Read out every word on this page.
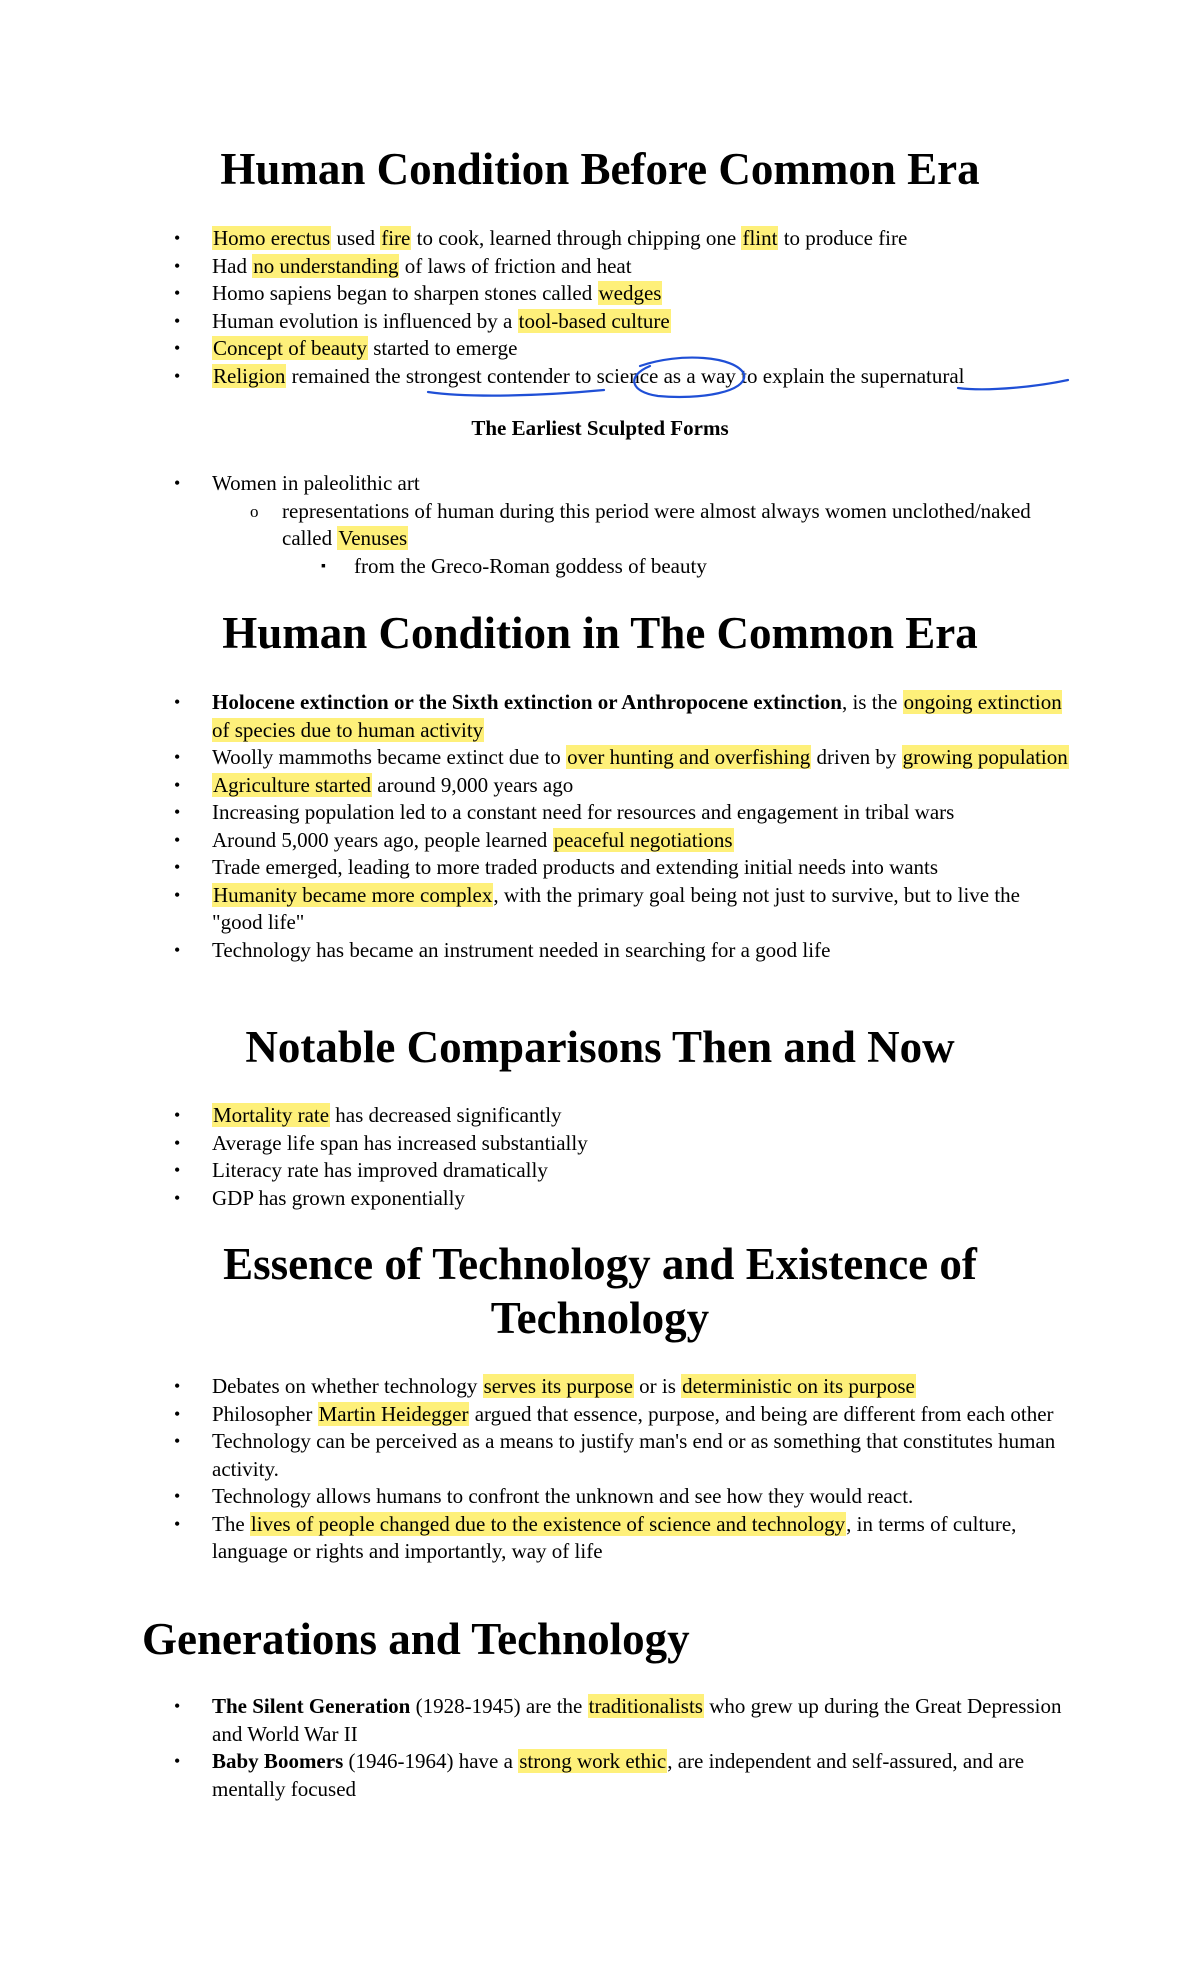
Human Condition Before Common Era
• Homo erectus used fire to cook, learned through chipping one flint to produce fire
• Had no understanding of laws of friction and heat
• Homo sapiens began to sharpen stones called wedges
• Human evolution is influenced by a tool-based culture
• Concept of beauty started to emerge
• Religion remained the strongest contender to science as a way to explain the supernatural
The Earliest Sculpted Forms
• Women in paleolithic art
o representations of human during this period were almost always women unclothed/naked called Venuses
▪ from the Greco-Roman goddess of beauty
Human Condition in The Common Era
• Holocene extinction or the Sixth extinction or Anthropocene extinction, is the ongoing extinction of species due to human activity
• Woolly mammoths became extinct due to over hunting and overfishing driven by growing population
• Agriculture started around 9,000 years ago
• Increasing population led to a constant need for resources and engagement in tribal wars
• Around 5,000 years ago, people learned peaceful negotiations
• Trade emerged, leading to more traded products and extending initial needs into wants
• Humanity became more complex, with the primary goal being not just to survive, but to live the "good life"
• Technology has became an instrument needed in searching for a good life
Notable Comparisons Then and Now
• Mortality rate has decreased significantly
• Average life span has increased substantially
• Literacy rate has improved dramatically
• GDP has grown exponentially
Essence of Technology and Existence of Technology
• Debates on whether technology serves its purpose or is deterministic on its purpose
• Philosopher Martin Heidegger argued that essence, purpose, and being are different from each other
• Technology can be perceived as a means to justify man's end or as something that constitutes human activity.
• Technology allows humans to confront the unknown and see how they would react.
• The lives of people changed due to the existence of science and technology, in terms of culture, language or rights and importantly, way of life
Generations and Technology
• The Silent Generation (1928-1945) are the traditionalists who grew up during the Great Depression and World War II
• Baby Boomers (1946-1964) have a strong work ethic, are independent and self-assured, and are mentally focused
